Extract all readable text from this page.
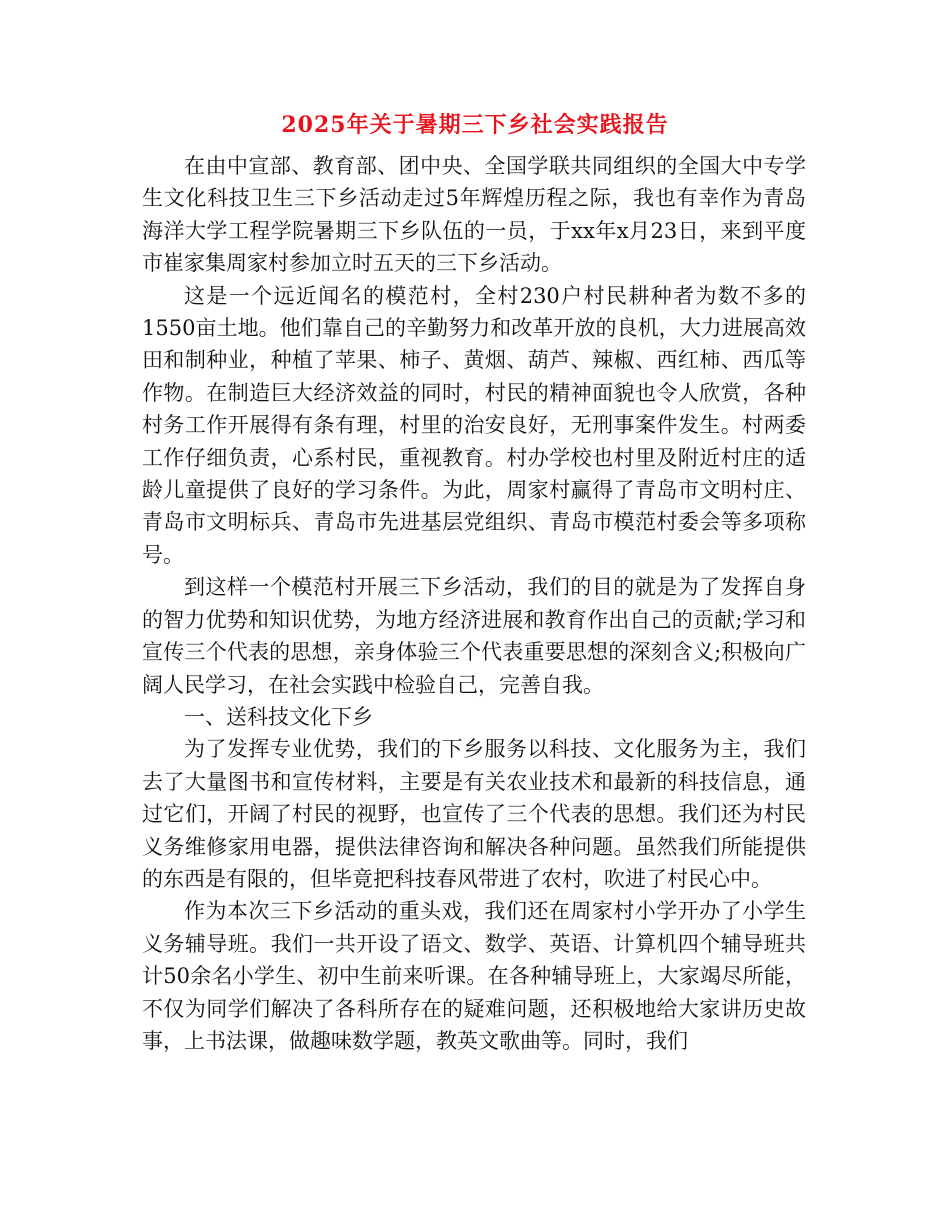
2025年关于暑期三下乡社会实践报告

在由中宣部、教育部、团中央、全国学联共同组织的全国大中专学生文化科技卫生三下乡活动走过5年辉煌历程之际，我也有幸作为青岛海洋大学工程学院暑期三下乡队伍的一员，于xx年x月23日，来到平度市崔家集周家村参加立时五天的三下乡活动。

这是一个远近闻名的模范村，全村230户村民耕种者为数不多的1550亩土地。他们靠自己的辛勤努力和改革开放的良机，大力进展高效田和制种业，种植了苹果、柿子、黄烟、葫芦、辣椒、西红柿、西瓜等作物。在制造巨大经济效益的同时，村民的精神面貌也令人欣赏，各种村务工作开展得有条有理，村里的治安良好，无刑事案件发生。村两委工作仔细负责，心系村民，重视教育。村办学校也村里及附近村庄的适龄儿童提供了良好的学习条件。为此，周家村赢得了青岛市文明村庄、青岛市文明标兵、青岛市先进基层党组织、青岛市模范村委会等多项称号。

到这样一个模范村开展三下乡活动，我们的目的就是为了发挥自身的智力优势和知识优势，为地方经济进展和教育作出自己的贡献;学习和宣传三个代表的思想，亲身体验三个代表重要思想的深刻含义;积极向广阔人民学习，在社会实践中检验自己，完善自我。

一、送科技文化下乡

为了发挥专业优势，我们的下乡服务以科技、文化服务为主，我们去了大量图书和宣传材料，主要是有关农业技术和最新的科技信息，通过它们，开阔了村民的视野，也宣传了三个代表的思想。我们还为村民义务维修家用电器，提供法律咨询和解决各种问题。虽然我们所能提供的东西是有限的，但毕竟把科技春风带进了农村，吹进了村民心中。

作为本次三下乡活动的重头戏，我们还在周家村小学开办了小学生义务辅导班。我们一共开设了语文、数学、英语、计算机四个辅导班共计50余名小学生、初中生前来听课。在各种辅导班上，大家竭尽所能，不仅为同学们解决了各科所存在的疑难问题，还积极地给大家讲历史故事，上书法课，做趣味数学题，教英文歌曲等。同时，我们
